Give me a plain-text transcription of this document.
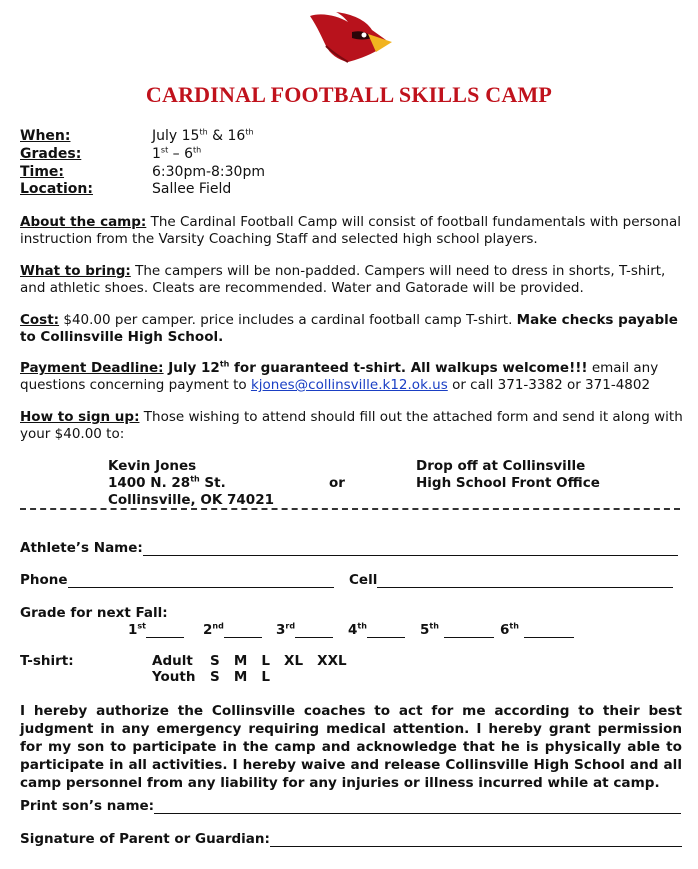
CARDINAL FOOTBALL SKILLS CAMP
When:	July 15th & 16th
Grades:	1st – 6th
Time:	6:30pm-8:30pm
Location:	Sallee Field
About the camp: The Cardinal Football Camp will consist of football fundamentals with personal instruction from the Varsity Coaching Staff and selected high school players.
What to bring: The campers will be non-padded. Campers will need to dress in shorts, T-shirt, and athletic shoes. Cleats are recommended. Water and Gatorade will be provided.
Cost: $40.00 per camper. price includes a cardinal football camp T-shirt. Make checks payable to Collinsville High School.
Payment Deadline: July 12th for guaranteed t-shirt. All walkups welcome!!! email any questions concerning payment to kjones@collinsville.k12.ok.us or call 371-3382 or 371-4802
How to sign up: Those wishing to attend should fill out the attached form and send it along with your $40.00 to:
Kevin Jones
1400 N. 28th St.
Collinsville, OK 74021
or
Drop off at Collinsville
High School Front Office
Athlete’s Name:
Phone	Cell
Grade for next Fall:
1st	2nd	3rd	4th	5th	6th
T-shirt:	Adult S   M   L   XL   XXL
Youth S   M   L
I hereby authorize the Collinsville coaches to act for me according to their best judgment in any emergency requiring medical attention. I hereby grant permission for my son to participate in the camp and acknowledge that he is physically able to participate in all activities. I hereby waive and release Collinsville High School and all camp personnel from any liability for any injuries or illness incurred while at camp.
Print son’s name:
Signature of Parent or Guardian:
